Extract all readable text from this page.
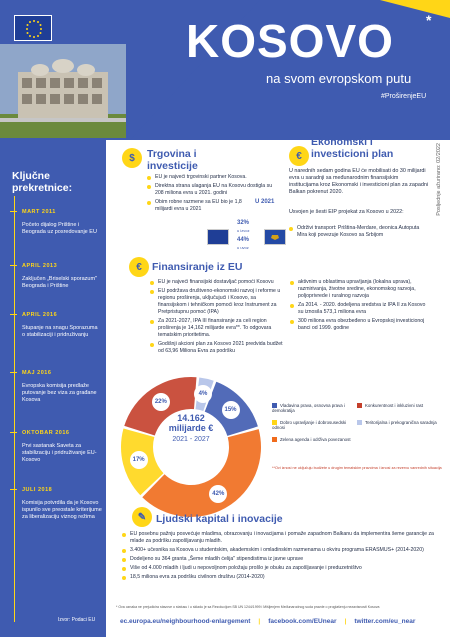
KOSOVO *
na svom evropskom putu
#ProširenjeEU
Posljednje ažurirano: 02/2022
Ključne prekretnice:
MART 2011
Početo dijalog Prištine i Beograda uz posredovanje EU
APRIL 2013
Zaključen „Briselski sporazum" Beograda i Prištine
APRIL 2016
Stupanje na snagu Sporazuma o stabilizaciji i pridruživanju
MAJ 2016
Evropska komisija predlaže putovanje bez viza za građane Kosova
OKTOBAR 2016
Prvi sastanak Saveta za stabilizaciju i pridruživanje EU-Kosovo
JULI 2018
Komisija potvrdila da je Kosovo ispunilo sve preostale kriterijume za liberalizaciju viznog režima
Izvor: Podaci EU
$	Trgovina i investicije
EU je najveći trgovinski partner Kosova.
Direktna strana ulaganja EU na Kosovu dostigla su 208 miliona evra u 2021. godini
Obim robne razmene sa EU bio je 1,8 milijardi evra u 2021
U 2021
32%
u izvoz
44%
u uvoz
€
Ekonomski i investicioni plan
U narednih sedam godina EU će mobilisati do 30 milijardi evra u saradnji sa međunarodnim finansijskim institucijama kroz Ekonomski i investicioni plan za zapadni Balkan pokrenut 2020.
Usvojen je šesti EIP projekat za Kosovo u 2022:
Održivi transport: Priština-Merdare, deonica Autoputa Mira koji povezuje Kosovo sa Srbijom
€ Finansiranje iz EU
EU je najveći finansijski dostavljač pomoći Kosovu
EU podržava društveno-ekonomski razvoj i reforme u regionu proširenja, uključujući i Kosovo, sa finansijskom i tehničkom pomoći kroz Instrument za Pretpristupnu pomoć (IPA)
Za 2021-2027, IPA III finansiranje za celi region proširenja je 14,162 milijarde evra**. To odgovara tematskim prioritetima.
Godišnji akcioni plan za Kosovo 2021 predvida budžet od 63,96 Miliona Evra za podršku
aktivnim u oblastima upravljanja (lokalna uprava), razmirivanja, životne sredine, ekonomskog razvoja, poljoprivrede i ruralnog razvoja
Za 2014. - 2020. dodeljena sredstva iz IPA II za Kosovo su iznosila 573,1 miliona evra
300 miliona evra obezbeđeno u Evropskoj investicionoj banci od 1999. godine
14.162 milijarde €
2021 - 2027
15%
42%
17%
22%
4%
Vladavina prava, osnovna prava i demokratija
Konkurentnost i inkluzivni rast
Dobro upravljanje i dobrosusedski odnosi
Teritorijalna i prekogranična saradnja
Zelena agenda i održiva povezanost
**Ovi iznosi ne uključuju budžete u drugim tematskim pravcima i iznosi za rezervu vanrednih situacija
✎ Ljudski kapital i inovacije
EU posebnu pažnju posvećuje mladima, obrazovanju i inovacijama i pomaže zapadnom Balkanu da implementira šeme garancije za mlade za podršku zapošljavanju mladih.
3.400+ učesnika sa Kosova u studentskim, akademskim i omladinskim razmenama u okviru programa ERASMUS+ (2014-2020)
Dodeljeno su 364 granta „Šeme mladih ćelija" stipendistima iz javne uprave
Više od 4.000 mladih i ljudi u nepovoljnom položaju prošlo je obuku za zapošljavanje i preduzetništvo
18,5 miliona evra za podršku civilnom društvu (2014-2020)
* Ova oznaka ne prejudicira stavove o statusu i u skladu je sa Rezolucijom SB UN 1244/1999 i Mišljenjem Međunarodnog suda pravde o proglašenju nezavisnosti Kosova
ec.europa.eu/neighbourhood-enlargement | facebook.com/EUnear | twitter.com/eu_near
